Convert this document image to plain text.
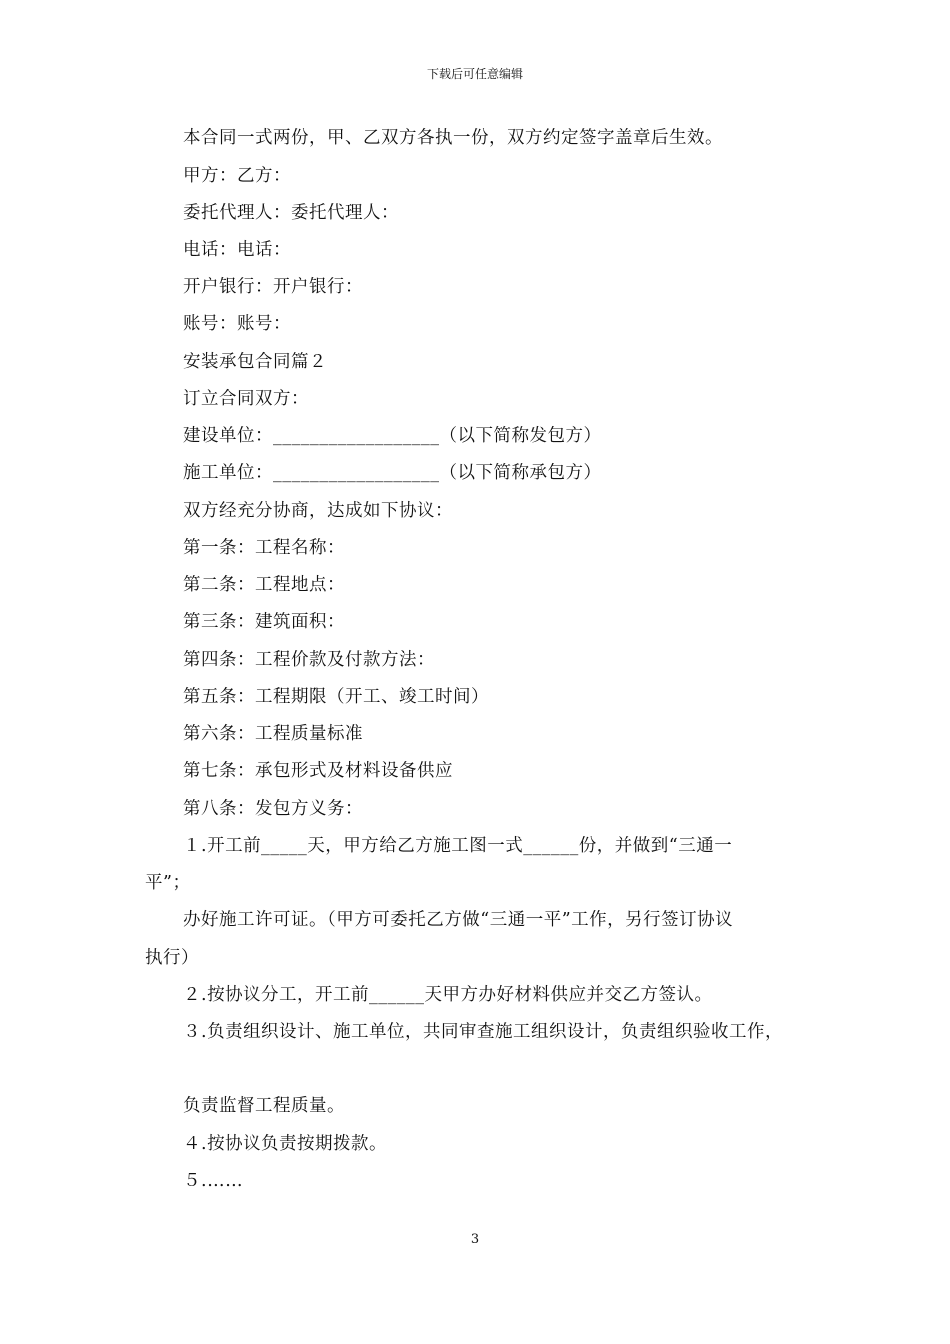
下载后可任意编辑
本合同一式两份，甲、乙双方各执一份，双方约定签字盖章后生效。
甲方：乙方：
委托代理人：委托代理人：
电话：电话：
开户银行：开户银行：
账号：账号：
安装承包合同篇２
订立合同双方：
建设单位：__________________（以下简称发包方）
施工单位：__________________（以下简称承包方）
双方经充分协商，达成如下协议：
第一条：工程名称：
第二条：工程地点：
第三条：建筑面积：
第四条：工程价款及付款方法：
第五条：工程期限（开工、竣工时间）
第六条：工程质量标准
第七条：承包形式及材料设备供应
第八条：发包方义务：
１.开工前_____天，甲方给乙方施工图一式______份，并做到“三通一
平”；
办好施工许可证。（甲方可委托乙方做“三通一平”工作，另行签订协议
执行）
２.按协议分工，开工前______天甲方办好材料供应并交乙方签认。
３.负责组织设计、施工单位，共同审查施工组织设计，负责组织验收工作，
负责监督工程质量。
４.按协议负责按期拨款。
５.……
3
